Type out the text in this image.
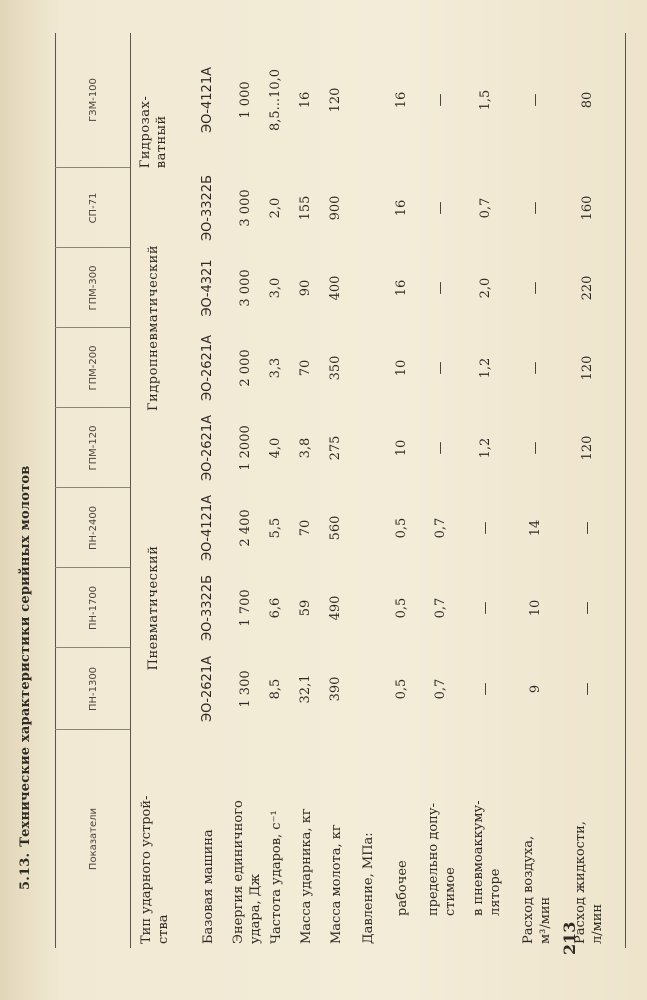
213
5.13.Технические характеристики серийных молотов	Показатели
ПН-1300
ПН-1700
ПН-2400
ГПМ-120
ГПМ-200
ГПМ-300
СП-71
ГЗМ-100
Тип ударного устрой-
ства Базовая машина Энергия единичного
удара, Дж Частота ударов, с⁻¹ Масса ударника, кг Масса молота, кг Давление, МПа: рабочее предельно допу-
стимое в пневмоаккуму-
ляторе
Расход воздуха,
м³/мин Расход жидкости,
л/мин
Пневматический
Гидропневматический
Гидрозах-
ватный
ЭО-2621А
ЭО-3322Б
ЭО-4121А
ЭО-2621А
ЭО-2621А
ЭО-4321
ЭО-3322Б
ЭО-4121А
1 300
1 700
2 400
1 2000
2 000
3 000
3 000
1 000
8,5
6,6
5,5
4,0
3,3
3,0
2,0
8,5...10,0
32,1
59
70
3,8
70
90
155
16
390
490
560
275
350
400
900
120
0,5
0,5
0,5
10
10
16
16
16
0,7
0,7
0,7
—
—
—
—
—
—
—
—
1,2
1,2
2,0
0,7
1,5
9
10
14
—
—
—
—
—
—
—
—
120
120
220
160
80
